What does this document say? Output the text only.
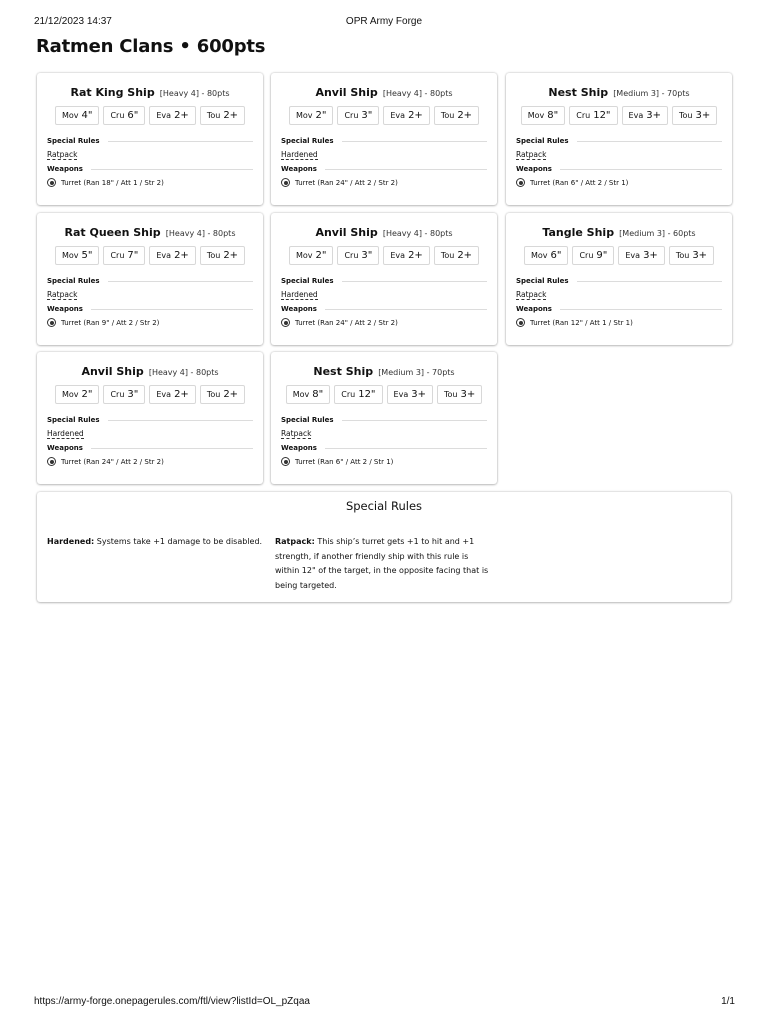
21/12/2023 14:37	OPR Army Forge
Ratmen Clans • 600pts
Rat King Ship [Heavy 4] - 80pts
Mov 4" Cru 6" Eva 2+ Tou 2+
Special Rules
Ratpack
Weapons
Turret (Ran 18" / Att 1 / Str 2)
Anvil Ship [Heavy 4] - 80pts
Mov 2" Cru 3" Eva 2+ Tou 2+
Special Rules
Hardened
Weapons
Turret (Ran 24" / Att 2 / Str 2)
Nest Ship [Medium 3] - 70pts
Mov 8" Cru 12" Eva 3+ Tou 3+
Special Rules
Ratpack
Weapons
Turret (Ran 6" / Att 2 / Str 1)
Rat Queen Ship [Heavy 4] - 80pts
Mov 5" Cru 7" Eva 2+ Tou 2+
Special Rules
Ratpack
Weapons
Turret (Ran 9" / Att 2 / Str 2)
Anvil Ship [Heavy 4] - 80pts
Mov 2" Cru 3" Eva 2+ Tou 2+
Special Rules
Hardened
Weapons
Turret (Ran 24" / Att 2 / Str 2)
Tangle Ship [Medium 3] - 60pts
Mov 6" Cru 9" Eva 3+ Tou 3+
Special Rules
Ratpack
Weapons
Turret (Ran 12" / Att 1 / Str 1)
Anvil Ship [Heavy 4] - 80pts
Mov 2" Cru 3" Eva 2+ Tou 2+
Special Rules
Hardened
Weapons
Turret (Ran 24" / Att 2 / Str 2)
Nest Ship [Medium 3] - 70pts
Mov 8" Cru 12" Eva 3+ Tou 3+
Special Rules
Ratpack
Weapons
Turret (Ran 6" / Att 2 / Str 1)
Special Rules
Hardened: Systems take +1 damage to be disabled.	Ratpack: This ship’s turret gets +1 to hit and +1 strength, if another friendly ship with this rule is within 12" of the target, in the opposite facing that is being targeted.
https://army-forge.onepagerules.com/ftl/view?listId=OL_pZqaa	1/1
